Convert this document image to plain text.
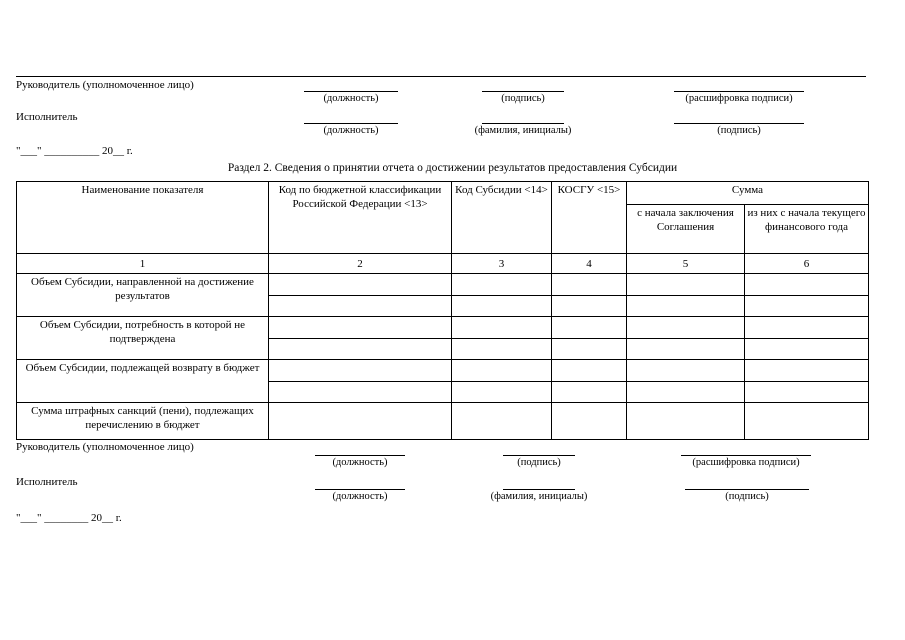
Руководитель (уполномоченное лицо)
(должность)	(подпись)	(расшифровка подписи)
Исполнитель
(должность)	(фамилия, инициалы)	(подпись)
"___" __________ 20__ г.
Раздел 2. Сведения о принятии отчета о достижении результатов предоставления Субсидии
Наименование показателя	Код по бюджетной классификации Российской Федерации <13>	Код Субсидии <14>	КОСГУ <15>	Сумма	
				с начала заключения Соглашения	из них с начала текущего финансового года
1	2	3	4	5	6
Объем Субсидии, направленной на достижение результатов					

Объем Субсидии, потребность в которой не подтверждена					

Объем Субсидии, подлежащей возврату в бюджет					

Сумма штрафных санкций (пени), подлежащих перечислению в бюджет					
Руководитель (уполномоченное лицо)
(должность)	(подпись)	(расшифровка подписи)
Исполнитель
(должность)	(фамилия, инициалы)	(подпись)
"___" ________ 20__ г.
